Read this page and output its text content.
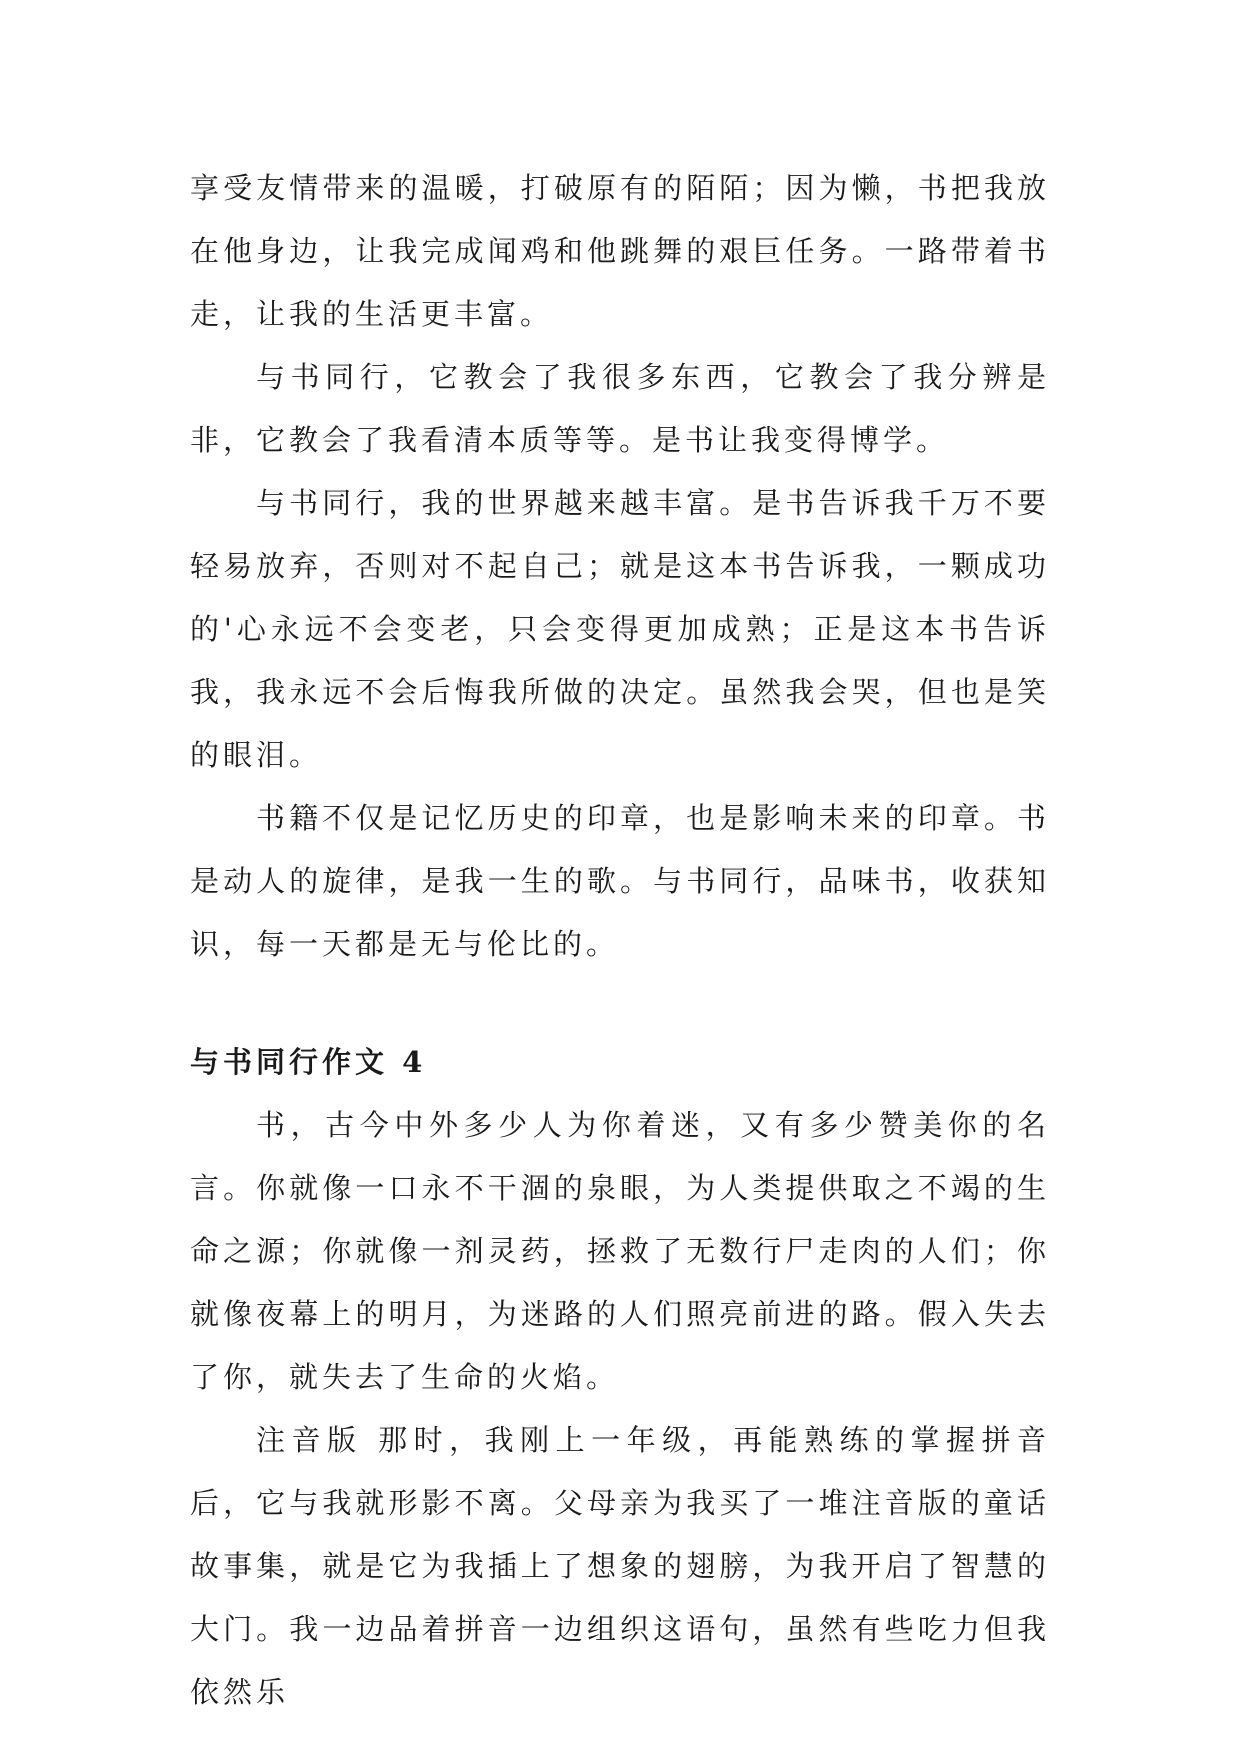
享受友情带来的温暖，打破原有的陌陌；因为懒，书把我放在他身边，让我完成闻鸡和他跳舞的艰巨任务。一路带着书走，让我的生活更丰富。

与书同行，它教会了我很多东西，它教会了我分辨是非，它教会了我看清本质等等。是书让我变得博学。

与书同行，我的世界越来越丰富。是书告诉我千万不要轻易放弃，否则对不起自己；就是这本书告诉我，一颗成功的'心永远不会变老，只会变得更加成熟；正是这本书告诉我，我永远不会后悔我所做的决定。虽然我会哭，但也是笑的眼泪。

书籍不仅是记忆历史的印章，也是影响未来的印章。书是动人的旋律，是我一生的歌。与书同行，品味书，收获知识，每一天都是无与伦比的。

与书同行作文 4

书，古今中外多少人为你着迷，又有多少赞美你的名言。你就像一口永不干涸的泉眼，为人类提供取之不竭的生命之源；你就像一剂灵药，拯救了无数行尸走肉的人们；你就像夜幕上的明月，为迷路的人们照亮前进的路。假入失去了你，就失去了生命的火焰。

注音版 那时，我刚上一年级，再能熟练的掌握拼音后，它与我就形影不离。父母亲为我买了一堆注音版的童话故事集，就是它为我插上了想象的翅膀，为我开启了智慧的大门。我一边品着拼音一边组织这语句，虽然有些吃力但我依然乐
